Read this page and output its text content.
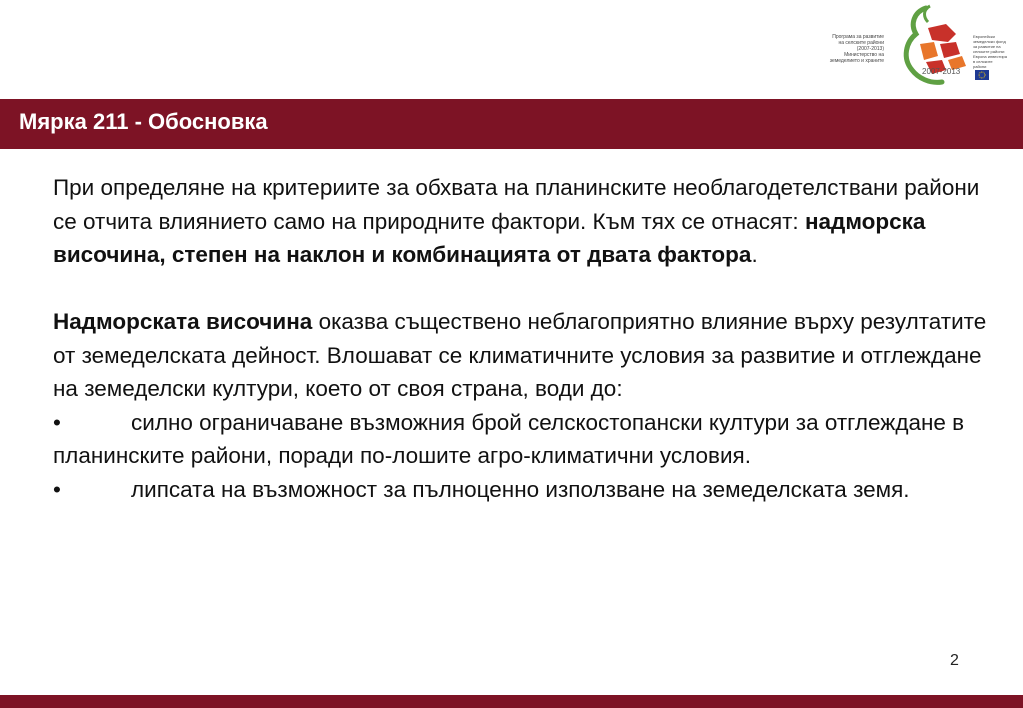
Програма за развитие на селските райони (2007-2013) Министерство на земеделието и храните
2007-2013
Европейски земеделски фонд за развитие на селските райони: Европа инвестира в селските райони
Мярка 211 - Обосновка

При определяне на критериите за обхвата на планинските необлагодетелствани райони се отчита влиянието само на природните фактори. Към тях се отнасят: надморска височина, степен на наклон и комбинацията от двата фактора.

Надморската височина оказва съществено неблагоприятно влияние върху резултатите от земеделската дейност. Влошават се климатичните условия за развитие и отглеждане на земеделски култури, което от своя страна, води до:

•	силно ограничаване възможния брой селскостопански култури за отглеждане в планинските райони, поради по-лошите агро-климатични условия.

•	липсата на възможност за пълноценно използване на земеделската земя.

2
